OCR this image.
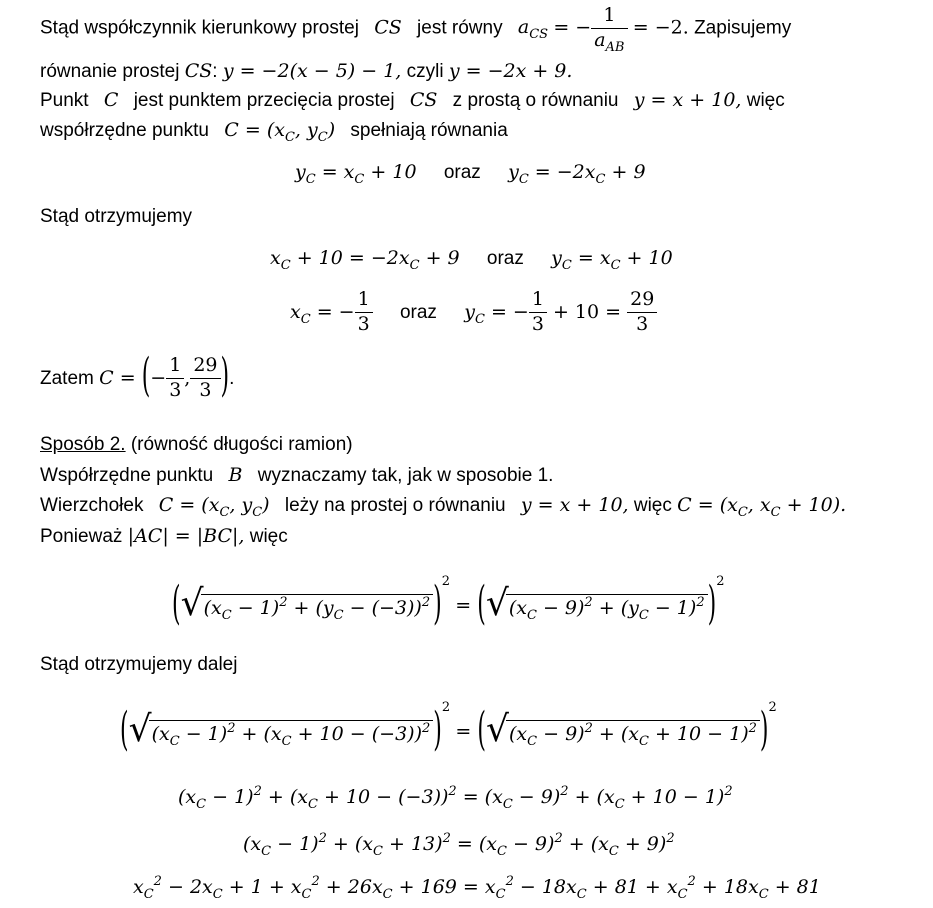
Stąd współczynnik kierunkowy prostej CS jest równy $a_{CS}$ = − $\frac{1}{a_{AB}} = -2$. Zapisujemy
równanie prostej CS: y = −2(x − 5) − 1, czyli y = −2x + 9.
Punkt C jest punktem przecięcia prostej CS z prostą o równaniu y = x + 10, więc
współrzędne punktu $C = (x_C$, $y_C$) spełniają równania
$y_C = x_C + 10$ oraz $y_C = -2x_C + 9$
Stąd otrzymujemy
$x_C + 10 = -2x_C + 9$ oraz $y_C = x_C + 10$
$x_C$ = − $\frac{1}{3}$ oraz $y_C$ = − $\frac{1}{3} + 10 = \frac{29}{3}$
Zatem C = (− $\frac{1}{3}$ , $\frac{29}{3}$ ).
Sposób 2. (równość długości ramion)
Współrzędne punktu B wyznaczamy tak, jak w sposobie 1.
Wierzchołek $C = (x_C$, $y_C$) leży na prostej o równaniu y = x + 10, więc $C = (x_C$, $x_C + 10$).
Ponieważ |AC| = |BC|, więc
( √ $(x_C - 1)^2 + (y_C - (-3))^2$ )$^2$ = ( √ $(x_C - 9)^2 + (y_C - 1)^2$ )$^2$
Stąd otrzymujemy dalej
( √ $(x_C - 1)^2 + (x_C + 10 - (-3))^2$ )$^2$ = ( √ $(x_C - 9)^2 + (x_C + 10 - 1)^2$ )$^2$
$(x_C - 1)^2 + (x_C + 10 - (-3))^2 = (x_C - 9)^2 + (x_C + 10 - 1)^2$
$(x_C - 1)^2 + (x_C + 13)^2 = (x_C - 9)^2 + (x_C + 9)^2$
$x_C^2 - 2x_C + 1 + x_C^2 + 26x_C + 169 = x_C^2 - 18x_C + 81 + x_C^2 + 18x_C + 81$
